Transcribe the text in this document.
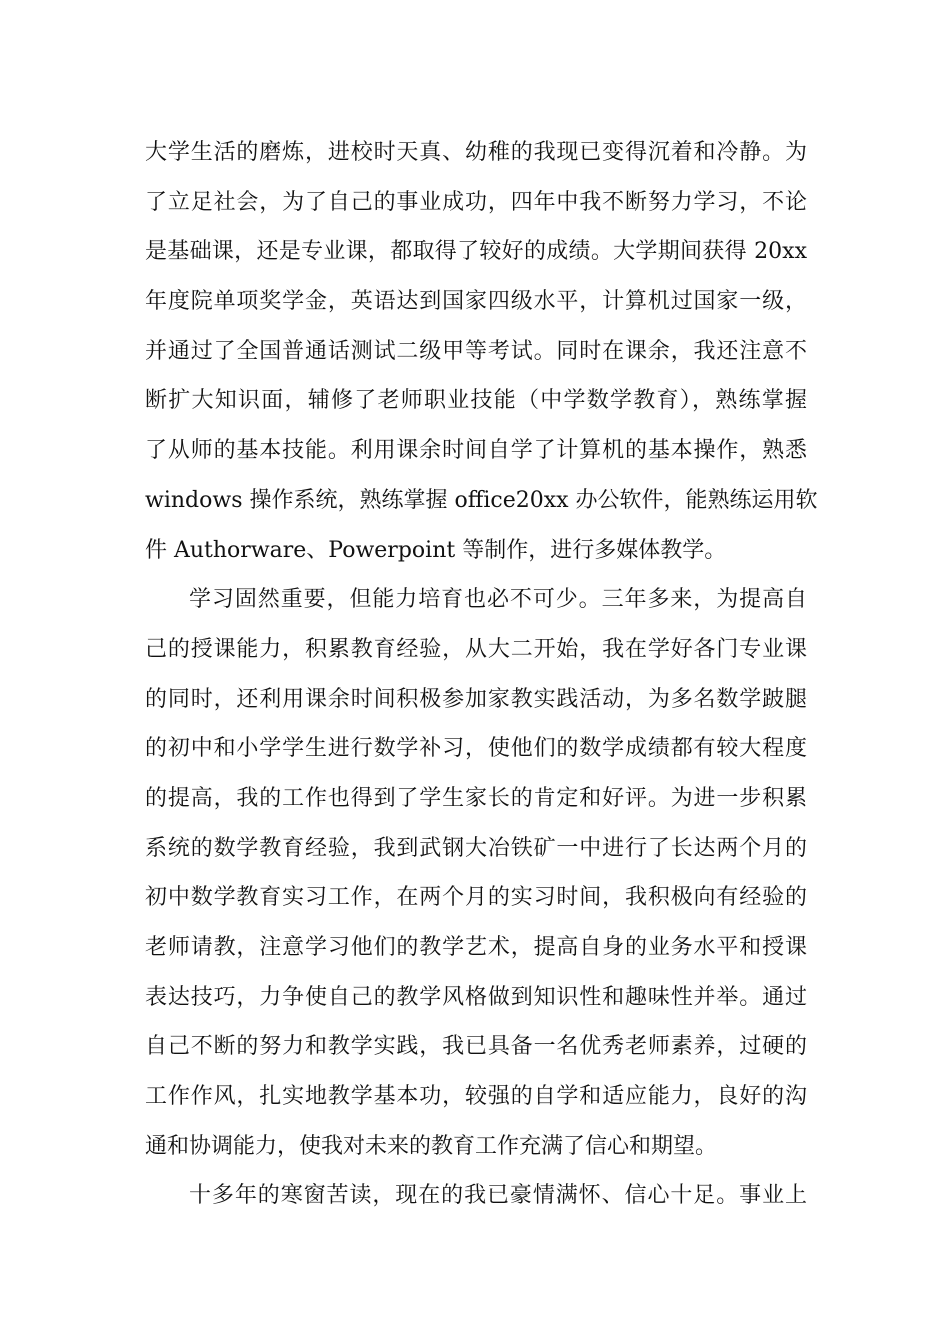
大学生活的磨炼，进校时天真、幼稚的我现已变得沉着和冷静。为
了立足社会，为了自己的事业成功，四年中我不断努力学习，不论
是基础课，还是专业课，都取得了较好的成绩。大学期间获得 20xx
年度院单项奖学金，英语达到国家四级水平，计算机过国家一级，
并通过了全国普通话测试二级甲等考试。同时在课余，我还注意不
断扩大知识面，辅修了老师职业技能（中学数学教育），熟练掌握
了从师的基本技能。利用课余时间自学了计算机的基本操作，熟悉
windows 操作系统，熟练掌握 office20xx 办公软件，能熟练运用软
件 Authorware、Powerpoint 等制作，进行多媒体教学。
学习固然重要，但能力培育也必不可少。三年多来，为提高自
己的授课能力，积累教育经验，从大二开始，我在学好各门专业课
的同时，还利用课余时间积极参加家教实践活动，为多名数学跛腿
的初中和小学学生进行数学补习，使他们的数学成绩都有较大程度
的提高，我的工作也得到了学生家长的肯定和好评。为进一步积累
系统的数学教育经验，我到武钢大冶铁矿一中进行了长达两个月的
初中数学教育实习工作，在两个月的实习时间，我积极向有经验的
老师请教，注意学习他们的教学艺术，提高自身的业务水平和授课
表达技巧，力争使自己的教学风格做到知识性和趣味性并举。通过
自己不断的努力和教学实践，我已具备一名优秀老师素养，过硬的
工作作风，扎实地教学基本功，较强的自学和适应能力，良好的沟
通和协调能力，使我对未来的教育工作充满了信心和期望。
十多年的寒窗苦读，现在的我已豪情满怀、信心十足。事业上
